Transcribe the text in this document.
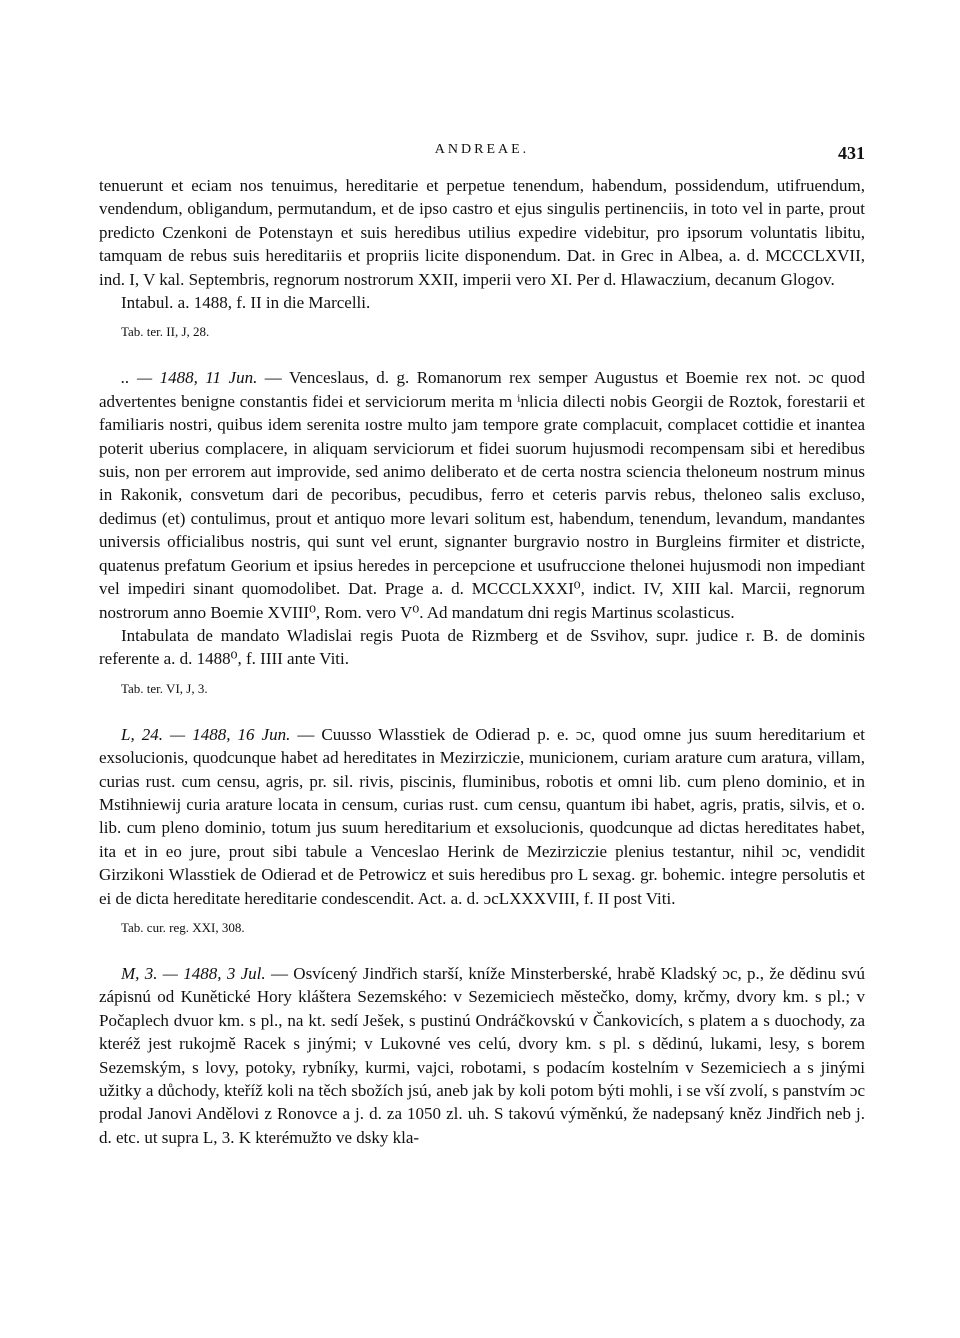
ANDREAE.	431

tenuerunt et eciam nos tenuimus, hereditarie et perpetue tenendum, habendum, possidendum, utifruendum, vendendum, obligandum, permutandum, et de ipso castro et ejus singulis pertinenciis, in toto vel in parte, prout predicto Czenkoni de Potenstayn et suis heredibus utilius expedire videbitur, pro ipsorum voluntatis libitu, tamquam de rebus suis hereditariis et propriis licite disponendum. Dat. in Grec in Albea, a. d. MCCCLXVII, ind. I, V kal. Septembris, regnorum nostrorum XXII, imperii vero XI. Per d. Hlawaczium, decanum Glogov.

Intabul. a. 1488, f. II in die Marcelli.

Tab. ter. II, J, 28.

.. — 1488, 11 Jun. — Venceslaus, d. g. Romanorum rex semper Augustus et Boemie rex not. ɔc quod advertentes benigne constantis fidei et serviciorum merita m ⁱnlicia dilecti nobis Georgii de Roztok, forestarii et familiaris nostri, quibus idem serenita ıostre multo jam tempore grate complacuit, complacet cottidie et inantea poterit uberius complacere, in aliquam serviciorum et fidei suorum hujusmodi recompensam sibi et heredibus suis, non per errorem aut improvide, sed animo deliberato et de certa nostra sciencia theloneum nostrum minus in Rakonik, consvetum dari de pecoribus, pecudibus, ferro et ceteris parvis rebus, theloneo salis excluso, dedimus (et) contulimus, prout et antiquo more levari solitum est, habendum, tenendum, levandum, mandantes universis officialibus nostris, qui sunt vel erunt, signanter burgravio nostro in Burgleins firmiter et districte, quatenus prefatum Georium et ipsius heredes in percepcione et usufruccione thelonei hujusmodi non impediant vel impediri sinant quomodolibet. Dat. Prage a. d. MCCCLXXXI⁰, indict. IV, XIII kal. Marcii, regnorum nostrorum anno Boemie XVIII⁰, Rom. vero V⁰. Ad mandatum dni regis Martinus scolasticus.

Intabulata de mandato Wladislai regis Puota de Rizmberg et de Ssvihov, supr. judice r. B. de dominis referente a. d. 1488⁰, f. IIII ante Viti.

Tab. ter. VI, J, 3.

L, 24. — 1488, 16 Jun. — Cuusso Wlasstiek de Odierad p. e. ɔc, quod omne jus suum hereditarium et exsolucionis, quodcunque habet ad hereditates in Mezirziczie, municionem, curiam arature cum aratura, villam, curias rust. cum censu, agris, pr. sil. rivis, piscinis, fluminibus, robotis et omni lib. cum pleno dominio, et in Mstihniewij curia arature locata in censum, curias rust. cum censu, quantum ibi habet, agris, pratis, silvis, et o. lib. cum pleno dominio, totum jus suum hereditarium et exsolucionis, quodcunque ad dictas hereditates habet, ita et in eo jure, prout sibi tabule a Venceslao Herink de Mezirziczie plenius testantur, nihil ɔc, vendidit Girzikoni Wlasstiek de Odierad et de Petrowicz et suis heredibus pro L sexag. gr. bohemic. integre persolutis et ei de dicta hereditate hereditarie condescendit. Act. a. d. ɔcLXXXVIII, f. II post Viti.

Tab. cur. reg. XXI, 308.

M, 3. — 1488, 3 Jul. — Osvícený Jindřich starší, kníže Minsterberské, hrabě Kladský ɔc, p., že dědinu svú zápisnú od Kunětické Hory kláštera Sezemského: v Sezemiciech městečko, domy, krčmy, dvory km. s pl.; v Počaplech dvuor km. s pl., na kt. sedí Ješek, s pustinú Ondráčkovskú v Čankovicích, s platem a s duochody, za kteréž jest rukojmě Racek s jinými; v Lukovné ves celú, dvory km. s pl. s dědinú, lukami, lesy, s borem Sezemským, s lovy, potoky, rybníky, kurmi, vajci, robotami, s podacím kostelním v Sezemiciech a s jinými užitky a důchody, kteříž koli na těch sbožích jsú, aneb jak by koli potom býti mohli, i se vší zvolí, s panstvím ɔc prodal Janovi Andělovi z Ronovce a j. d. za 1050 zl. uh. S takovú výměnkú, že nadepsaný kněz Jindřich neb j. d. etc. ut supra L, 3. K kterémužto ve dsky kla-
